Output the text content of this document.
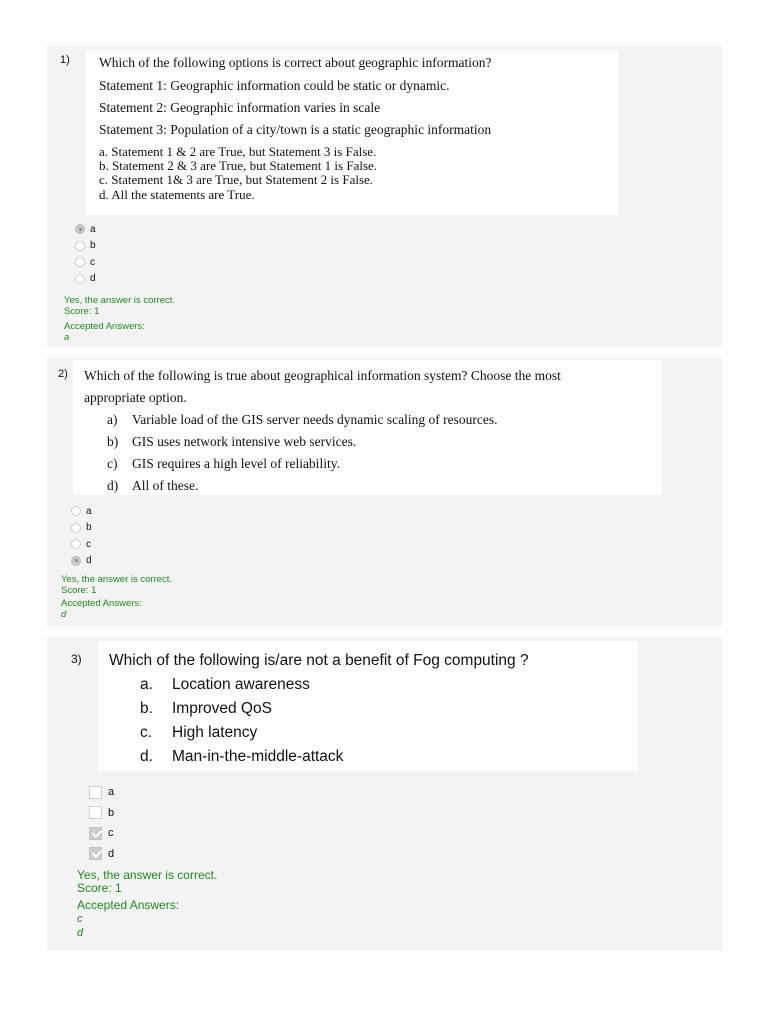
1) Which of the following options is correct about geographic information?
Statement 1: Geographic information could be static or dynamic.
Statement 2: Geographic information varies in scale
Statement 3: Population of a city/town is a static geographic information
a. Statement 1 & 2 are True, but Statement 3 is False.
b. Statement 2 & 3 are True, but Statement 1 is False.
c. Statement 1& 3 are True, but Statement 2 is False.
d. All the statements are True.
a
b
c
d
Yes, the answer is correct.
Score: 1
Accepted Answers:
a
2) Which of the following is true about geographical information system? Choose the most
appropriate option.
a) Variable load of the GIS server needs dynamic scaling of resources.
b) GIS uses network intensive web services.
c) GIS requires a high level of reliability.
d) All of these.
a
b
c
d
Yes, the answer is correct.
Score: 1
Accepted Answers:
d
3) Which of the following is/are not a benefit of Fog computing ?
a. Location awareness
b. Improved QoS
c. High latency
d. Man-in-the-middle-attack
a
b
c
d
Yes, the answer is correct.
Score: 1
Accepted Answers:
c
d
